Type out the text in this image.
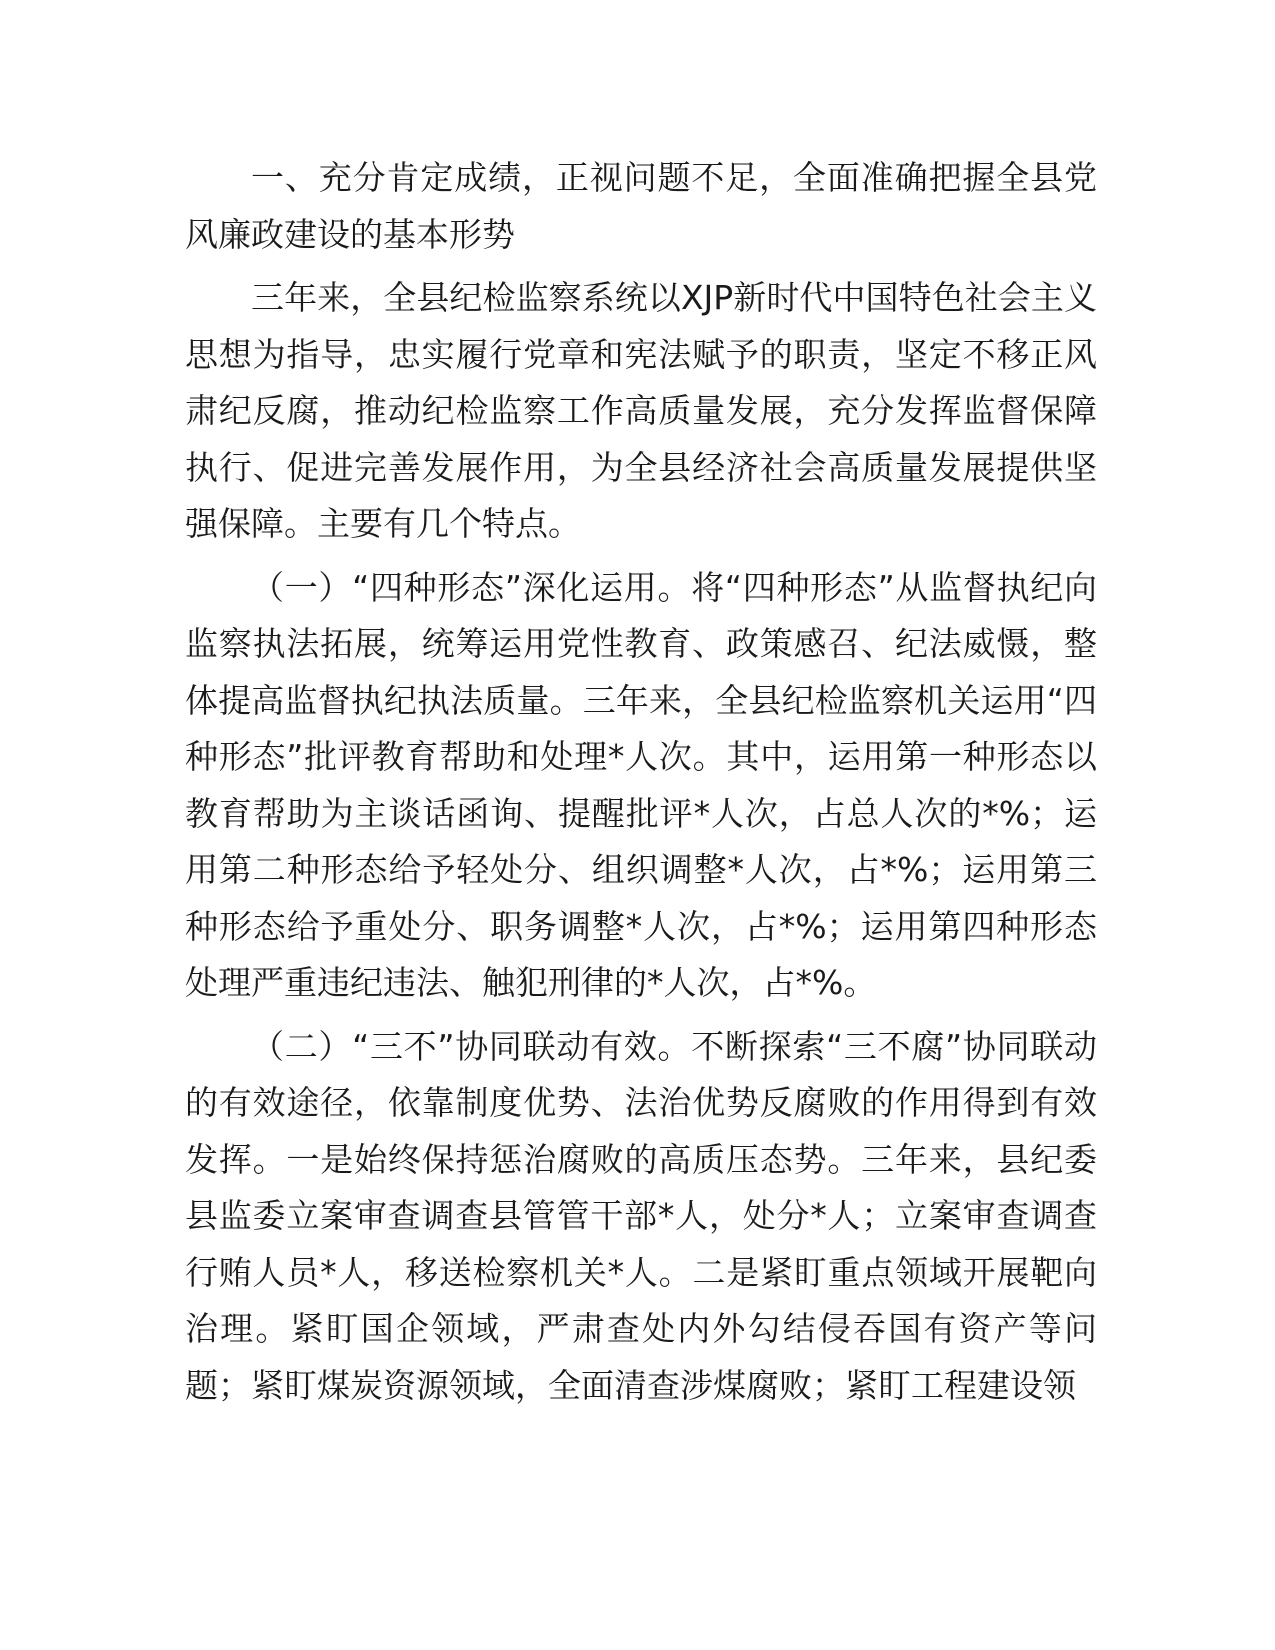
一、充分肯定成绩，正视问题不足，全面准确把握全县党风廉政建设的基本形势

三年来，全县纪检监察系统以XJP新时代中国特色社会主义思想为指导，忠实履行党章和宪法赋予的职责，坚定不移正风肃纪反腐，推动纪检监察工作高质量发展，充分发挥监督保障执行、促进完善发展作用，为全县经济社会高质量发展提供坚强保障。主要有几个特点。

（一）“四种形态”深化运用。将“四种形态”从监督执纪向监察执法拓展，统筹运用党性教育、政策感召、纪法威慑，整体提高监督执纪执法质量。三年来，全县纪检监察机关运用“四种形态”批评教育帮助和处理*人次。其中，运用第一种形态以教育帮助为主谈话函询、提醒批评*人次，占总人次的*%；运用第二种形态给予轻处分、组织调整*人次，占*%；运用第三种形态给予重处分、职务调整*人次，占*%；运用第四种形态处理严重违纪违法、触犯刑律的*人次，占*%。

（二）“三不”协同联动有效。不断探索“三不腐”协同联动的有效途径，依靠制度优势、法治优势反腐败的作用得到有效发挥。一是始终保持惩治腐败的高质压态势。三年来，县纪委县监委立案审查调查县管管干部*人，处分*人；立案审查调查行贿人员*人，移送检察机关*人。二是紧盯重点领域开展靶向治理。紧盯国企领域，严肃查处内外勾结侵吞国有资产等问题；紧盯煤炭资源领域，全面清查涉煤腐败；紧盯工程建设领
